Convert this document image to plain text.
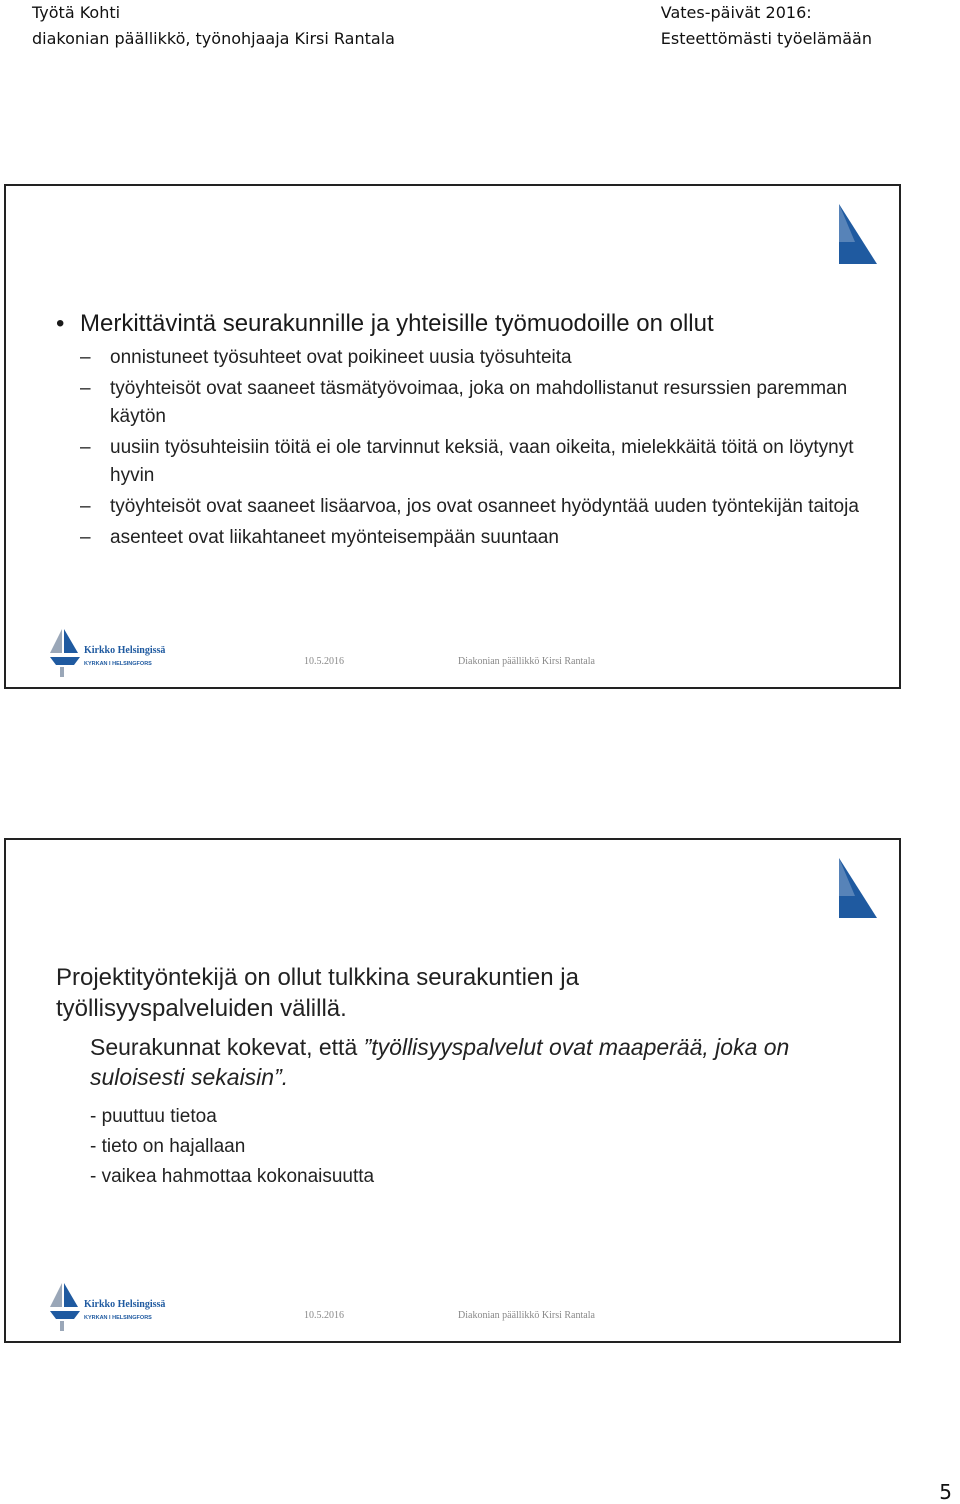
Työtä Kohti
diakonian päällikkö, työnohjaaja Kirsi Rantala
Vates-päivät 2016:
Esteettömästi työelämään
• Merkittävintä seurakunnille ja yhteisille työmuodoille on ollut
– onnistuneet työsuhteet ovat poikineet uusia työsuhteita
– työyhteisöt ovat saaneet täsmätyövoimaa, joka on mahdollistanut resurssien paremman käytön
– uusiin työsuhteisiin töitä ei ole tarvinnut keksiä, vaan oikeita, mielekkäitä töitä on löytynyt hyvin
– työyhteisöt ovat saaneet lisäarvoa, jos ovat osanneet hyödyntää uuden työntekijän taitoja
– asenteet ovat liikahtaneet myönteisempään suuntaan
Kirkko Helsingissä
KYRKAN I HELSINGFORS	10.5.2016	Diakonian päällikkö Kirsi Rantala
Projektityöntekijä on ollut tulkkina seurakuntien ja työllisyyspalveluiden välillä.
Seurakunnat kokevat, että ”työllisyyspalvelut ovat maaperää, joka on suloisesti sekaisin”.
- puuttuu tietoa
- tieto on hajallaan
- vaikea hahmottaa kokonaisuutta
Kirkko Helsingissä
KYRKAN I HELSINGFORS	10.5.2016	Diakonian päällikkö Kirsi Rantala
5
